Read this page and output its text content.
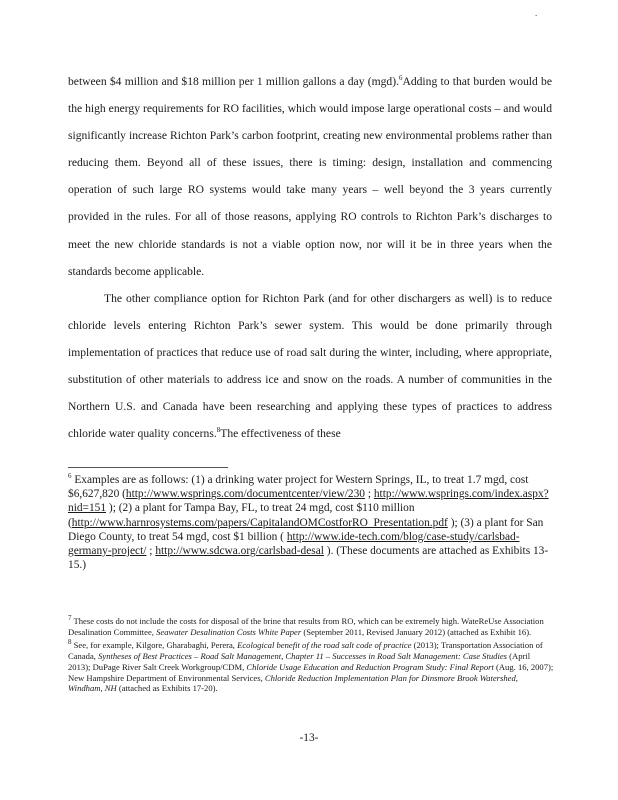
.

between $4 million and $18 million per 1 million gallons a day (mgd).$^6$Adding to that burden would be the high energy requirements for RO facilities, which would impose large operational costs – and would significantly increase Richton Park’s carbon footprint, creating new environmental problems rather than reducing them. Beyond all of these issues, there is timing: design, installation and commencing operation of such large RO systems would take many years – well beyond the 3 years currently provided in the rules. For all of those reasons, applying RO controls to Richton Park’s discharges to meet the new chloride standards is not a viable option now, nor will it be in three years when the standards become applicable.

The other compliance option for Richton Park (and for other dischargers as well) is to reduce chloride levels entering Richton Park’s sewer system. This would be done primarily through implementation of practices that reduce use of road salt during the winter, including, where appropriate, substitution of other materials to address ice and snow on the roads. A number of communities in the Northern U.S. and Canada have been researching and applying these types of practices to address chloride water quality concerns.$^8$The effectiveness of these

$^6$ Examples are as follows: (1) a drinking water project for Western Springs, IL, to treat 1.7 mgd, cost $6,627,820 (http://www.wsprings.com/documentcenter/view/230 ; http://www.wsprings.com/index.aspx?nid=151 ); (2) a plant for Tampa Bay, FL, to treat 24 mgd, cost $110 million (http://www.harnrosystems.com/papers/CapitalandOMCostforRO_Presentation.pdf ); (3) a plant for San Diego County, to treat 54 mgd, cost $1 billion ( http://www.ide-tech.com/blog/case-study/carlsbad-germany-project/ ; http://www.sdcwa.org/carlsbad-desal ). (These documents are attached as Exhibits 13-15.)

$^7$ These costs do not include the costs for disposal of the brine that results from RO, which can be extremely high. WateReUse Association Desalination Committee, Seawater Desalination Costs White Paper (September 2011, Revised January 2012) (attached as Exhibit 16).

$^8$ See, for example, Kilgore, Gharabaghi, Perera, Ecological benefit of the road salt code of practice (2013); Transportation Association of Canada, Syntheses of Best Practices – Road Salt Management, Chapter 11 – Successes in Road Salt Management: Case Studies (April 2013); DuPage River Salt Creek Workgroup/CDM, Chloride Usage Education and Reduction Program Study: Final Report (Aug. 16, 2007); New Hampshire Department of Environmental Services, Chloride Reduction Implementation Plan for Dinsmore Brook Watershed, Windham, NH (attached as Exhibits 17-20).

-13-
